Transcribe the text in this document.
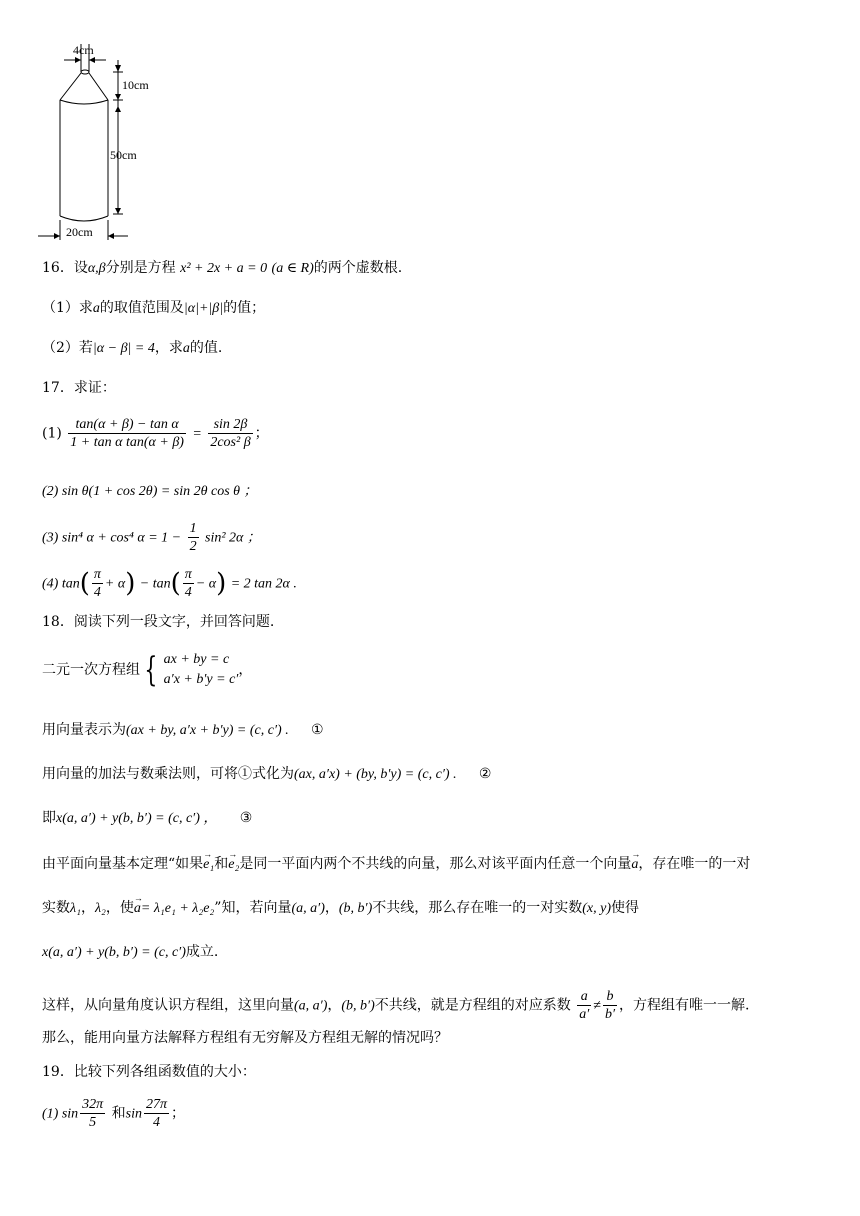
4cm
10cm
50cm
20cm
16．设α,β分别是方程 x² + 2x + a = 0 (a ∈ R)的两个虚数根.
（1）求a的取值范围及|α|+|β|的值；
（2）若|α − β| = 4，求a的值.
17．求证：
$(1) \frac{\text{tan(α + β) − tan α}}{\text{1 + tan α tan(α + β)}} = \frac{\sin 2\beta}{\text{2cos² β}}$ ；
(2) sin θ(1 + cos 2θ) = sin 2θ cos θ ；
(3) sin⁴ α + cos⁴ $\alpha = 1 - \frac{1}{2} \sin^2$ 2α ；
(4) $\tan( \frac{\pi}{4} + \alpha) - \tan( \frac{\pi}{4} - \alpha) = 2$ tan 2α .
18．阅读下列一段文字，并回答问题.
二元一次方程组 { ax + by = c
a′x + b′y = c′，
用向量表示为(ax + by, a′x + b′y) = (c, c′) . ①
用向量的加法与数乘法则，可将①式化为(ax, a′x) + (by, b′y) = (c, c′) . ②
即x(a, a′) + y(b, b′) = (c, c′) ， ③
由平面向量基本定理“如果→ e₁和→ e₂是同一平面内两个不共线的向量，那么对该平面内任意一个向量→ a，存在唯一的一对
实数λ₁，λ₂，使→ a= λ₁e₁ + λ₂e₂”知，若向量(a, a′)，(b, b′)不共线，那么存在唯一的一对实数(x, y)使得
x(a, a′) + y(b, b′) = (c, c′)成立.
这样，从向量角度认识方程组，这里向量(a, a′)，(b, b′)不共线，就是方程组的对应系数 $\frac{a}{a'} \ne \frac{b}{b'}$ ，方程组有唯一一解.
那么，能用向量方法解释方程组有无穷解及方程组无解的情况吗？
19．比较下列各组函数值的大小：
(1) $\sin \frac{32\pi}{5}$ 和$\sin \frac{27\pi}{4}$ ；
